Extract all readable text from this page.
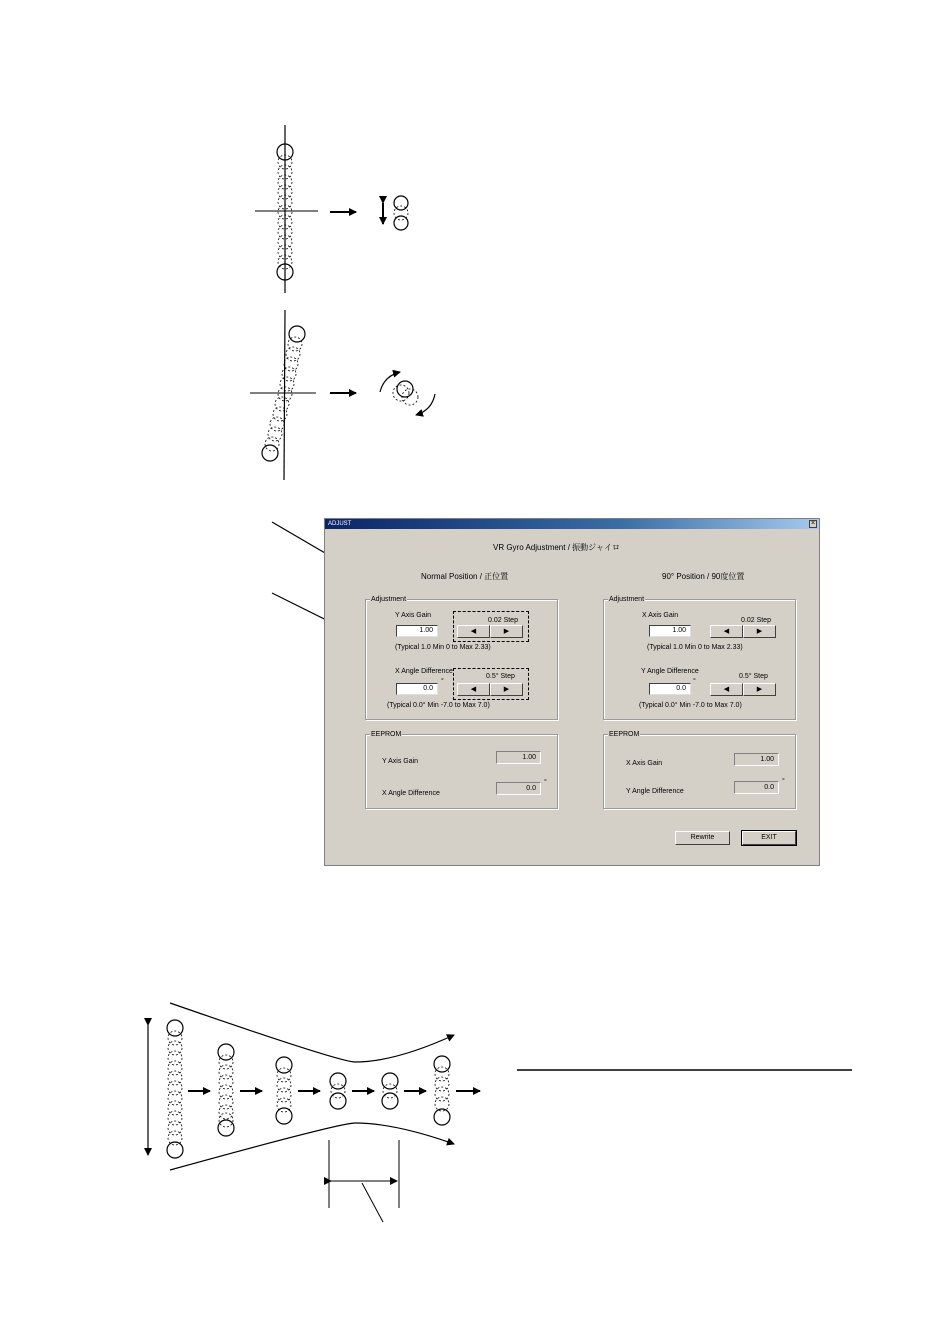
ADJUST	×
VR Gyro Adjustment / 振動ジャイロ
Normal Position / 正位置	90° Position / 90度位置
Adjustment
Y Axis Gain
0.02 Step
1.00	◀	▶
(Typical 1.0 Min 0 to Max 2.33)
X Angle Difference
0.5° Step
0.0
°
◀	▶
(Typical 0.0° Min -7.0 to Max 7.0)
EEPROM
Y Axis Gain
1.00
X Angle Difference
0.0
°
Adjustment
X Axis Gain
0.02 Step
1.00	◀	▶
(Typical 1.0 Min 0 to Max 2.33)
Y Angle Difference
0.5° Step
0.0
°
◀	▶
(Typical 0.0° Min -7.0 to Max 7.0)
EEPROM
X Axis Gain
1.00
Y Angle Difference
0.0
°
Rewrite	EXIT
